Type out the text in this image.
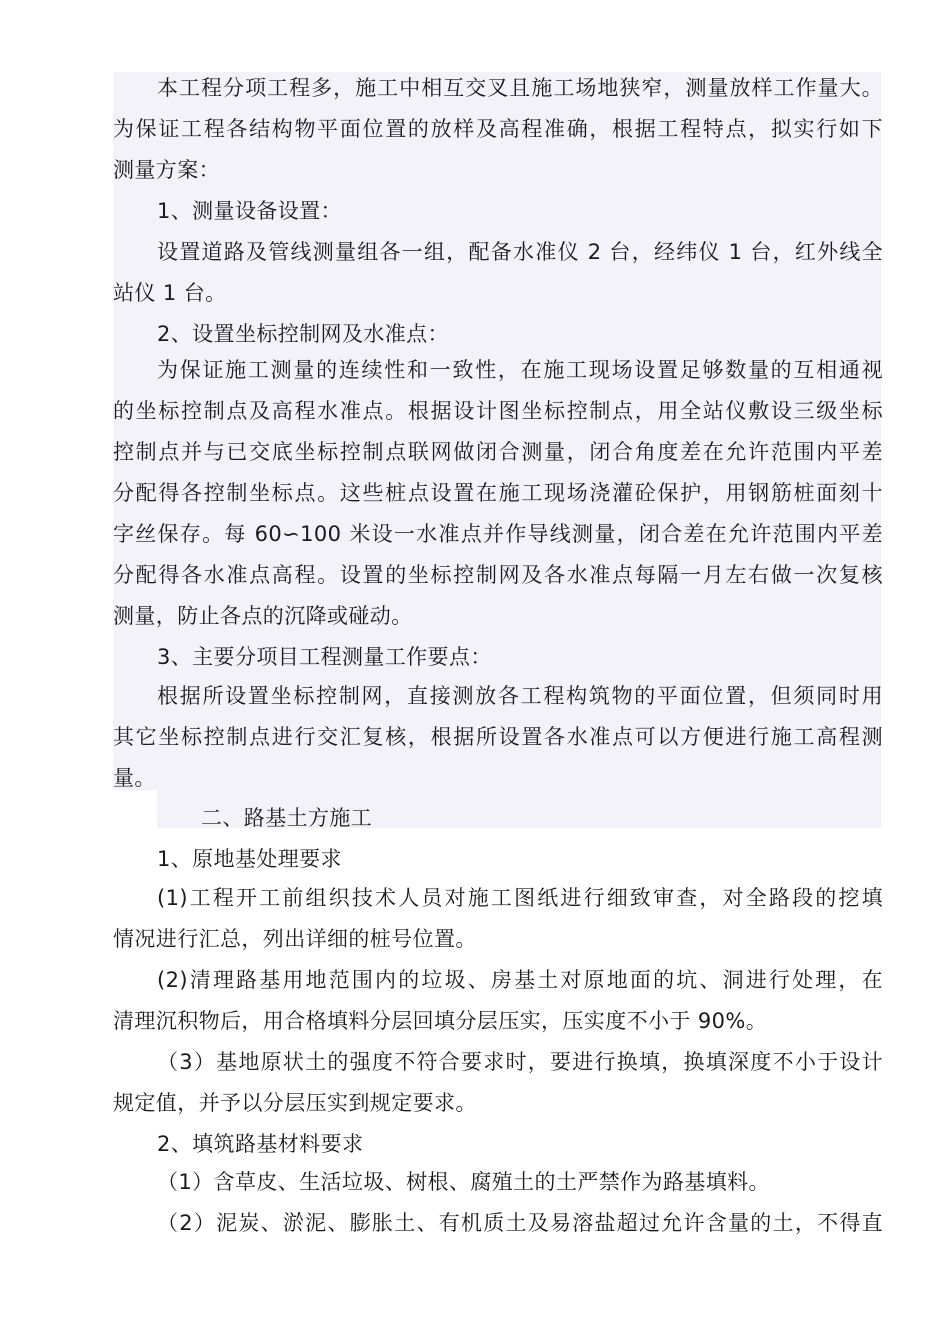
本工程分项工程多，施工中相互交叉且施工场地狭窄，测量放样工作量大。
为保证工程各结构物平面位置的放样及高程准确，根据工程特点，拟实行如下
测量方案：
1、测量设备设置：
设置道路及管线测量组各一组，配备水准仪 2 台，经纬仪 1 台，红外线全
站仪 1 台。
2、设置坐标控制网及水准点：
为保证施工测量的连续性和一致性，在施工现场设置足够数量的互相通视
的坐标控制点及高程水准点。根据设计图坐标控制点，用全站仪敷设三级坐标
控制点并与已交底坐标控制点联网做闭合测量，闭合角度差在允许范围内平差
分配得各控制坐标点。这些桩点设置在施工现场浇灌砼保护，用钢筋桩面刻十
字丝保存。每 60∽100 米设一水准点并作导线测量，闭合差在允许范围内平差
分配得各水准点高程。设置的坐标控制网及各水准点每隔一月左右做一次复核
测量，防止各点的沉降或碰动。
3、主要分项目工程测量工作要点：
根据所设置坐标控制网，直接测放各工程构筑物的平面位置，但须同时用
其它坐标控制点进行交汇复核，根据所设置各水准点可以方便进行施工高程测
量。
二、路基土方施工
1、原地基处理要求
(1)工程开工前组织技术人员对施工图纸进行细致审查，对全路段的挖填
情况进行汇总，列出详细的桩号位置。
(2)清理路基用地范围内的垃圾、房基土对原地面的坑、洞进行处理，在
清理沉积物后，用合格填料分层回填分层压实，压实度不小于 90%。
（3）基地原状土的强度不符合要求时，要进行换填，换填深度不小于设计
规定值，并予以分层压实到规定要求。
2、填筑路基材料要求
（1）含草皮、生活垃圾、树根、腐殖土的土严禁作为路基填料。
（2）泥炭、淤泥、膨胀土、有机质土及易溶盐超过允许含量的土，不得直
